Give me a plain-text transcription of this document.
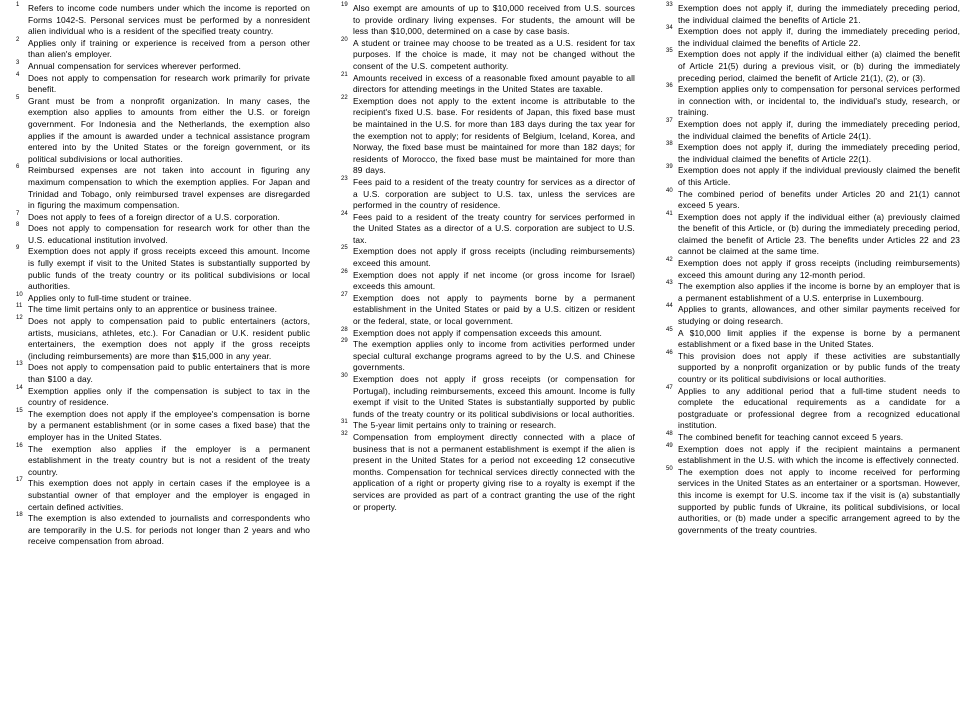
1 Refers to income code numbers under which the income is reported on Forms 1042-S. Personal services must be performed by a nonresident alien individual who is a resident of the specified treaty country.
2 Applies only if training or experience is received from a person other than alien's employer.
3 Annual compensation for services wherever performed.
4 Does not apply to compensation for research work primarily for private benefit.
5 Grant must be from a nonprofit organization. In many cases, the exemption also applies to amounts from either the U.S. or foreign government. For Indonesia and the Netherlands, the exemption also applies if the amount is awarded under a technical assistance program entered into by the United States or the foreign government, or its political subdivisions or local authorities.
6 Reimbursed expenses are not taken into account in figuring any maximum compensation to which the exemption applies. For Japan and Trinidad and Tobago, only reimbursed travel expenses are disregarded in figuring the maximum compensation.
7 Does not apply to fees of a foreign director of a U.S. corporation.
8 Does not apply to compensation for research work for other than the U.S. educational institution involved.
9 Exemption does not apply if gross receipts exceed this amount. Income is fully exempt if visit to the United States is substantially supported by public funds of the treaty country or its political subdivisions or local authorities.
10 Applies only to full-time student or trainee.
11 The time limit pertains only to an apprentice or business trainee.
12 Does not apply to compensation paid to public entertainers (actors, artists, musicians, athletes, etc.). For Canadian or U.K. resident public entertainers, the exemption does not apply if the gross receipts (including reimbursements) are more than $15,000 in any year.
13 Does not apply to compensation paid to public entertainers that is more than $100 a day.
14 Exemption applies only if the compensation is subject to tax in the country of residence.
15 The exemption does not apply if the employee's compensation is borne by a permanent establishment (or in some cases a fixed base) that the employer has in the United States.
16 The exemption also applies if the employer is a permanent establishment in the treaty country but is not a resident of the treaty country.
17 This exemption does not apply in certain cases if the employee is a substantial owner of that employer and the employer is engaged in certain defined activities.
18 The exemption is also extended to journalists and correspondents who are temporarily in the U.S. for periods not longer than 2 years and who receive compensation from abroad.
19 Also exempt are amounts of up to $10,000 received from U.S. sources to provide ordinary living expenses. For students, the amount will be less than $10,000, determined on a case by case basis.
20 A student or trainee may choose to be treated as a U.S. resident for tax purposes. If the choice is made, it may not be changed without the consent of the U.S. competent authority.
21 Amounts received in excess of a reasonable fixed amount payable to all directors for attending meetings in the United States are taxable.
22 Exemption does not apply to the extent income is attributable to the recipient's fixed U.S. base. For residents of Japan, this fixed base must be maintained in the U.S. for more than 183 days during the tax year for the exemption not to apply; for residents of Belgium, Iceland, Korea, and Norway, the fixed base must be maintained for more than 182 days; for residents of Morocco, the fixed base must be maintained for more than 89 days.
23 Fees paid to a resident of the treaty country for services as a director of a U.S. corporation are subject to U.S. tax, unless the services are performed in the country of residence.
24 Fees paid to a resident of the treaty country for services performed in the United States as a director of a U.S. corporation are subject to U.S. tax.
25 Exemption does not apply if gross receipts (including reimbursements) exceed this amount.
26 Exemption does not apply if net income (or gross income for Israel) exceeds this amount.
27 Exemption does not apply to payments borne by a permanent establishment in the United States or paid by a U.S. citizen or resident or the federal, state, or local government.
28 Exemption does not apply if compensation exceeds this amount.
29 The exemption applies only to income from activities performed under special cultural exchange programs agreed to by the U.S. and Chinese governments.
30 Exemption does not apply if gross receipts (or compensation for Portugal), including reimbursements, exceed this amount. Income is fully exempt if visit to the United States is substantially supported by public funds of the treaty country or its political subdivisions or local authorities.
31 The 5-year limit pertains only to training or research.
32 Compensation from employment directly connected with a place of business that is not a permanent establishment is exempt if the alien is present in the United States for a period not exceeding 12 consecutive months. Compensation for technical services directly connected with the application of a right or property giving rise to a royalty is exempt if the services are provided as part of a contract granting the use of the right or property.
33 Exemption does not apply if, during the immediately preceding period, the individual claimed the benefits of Article 21.
34 Exemption does not apply if, during the immediately preceding period, the individual claimed the benefits of Article 22.
35 Exemption does not apply if the individual either (a) claimed the benefit of Article 21(5) during a previous visit, or (b) during the immediately preceding period, claimed the benefit of Article 21(1), (2), or (3).
36 Exemption applies only to compensation for personal services performed in connection with, or incidental to, the individual's study, research, or training.
37 Exemption does not apply if, during the immediately preceding period, the individual claimed the benefits of Article 24(1).
38 Exemption does not apply if, during the immediately preceding period, the individual claimed the benefits of Article 22(1).
39 Exemption does not apply if the individual previously claimed the benefit of this Article.
40 The combined period of benefits under Articles 20 and 21(1) cannot exceed 5 years.
41 Exemption does not apply if the individual either (a) previously claimed the benefit of this Article, or (b) during the immediately preceding period, claimed the benefit of Article 23. The benefits under Articles 22 and 23 cannot be claimed at the same time.
42 Exemption does not apply if gross receipts (including reimbursements) exceed this amount during any 12-month period.
43 The exemption also applies if the income is borne by an employer that is a permanent establishment of a U.S. enterprise in Luxembourg.
44 Applies to grants, allowances, and other similar payments received for studying or doing research.
45 A $10,000 limit applies if the expense is borne by a permanent establishment or a fixed base in the United States.
46 This provision does not apply if these activities are substantially supported by a nonprofit organization or by public funds of the treaty country or its political subdivisions or local authorities.
47 Applies to any additional period that a full-time student needs to complete the educational requirements as a candidate for a postgraduate or professional degree from a recognized educational institution.
48 The combined benefit for teaching cannot exceed 5 years.
49 Exemption does not apply if the recipient maintains a permanent establishment in the U.S. with which the income is effectively connected.
50 The exemption does not apply to income received for performing services in the United States as an entertainer or a sportsman. However, this income is exempt for U.S. income tax if the visit is (a) substantially supported by public funds of Ukraine, its political subdivisions, or local authorities, or (b) made under a specific arrangement agreed to by the governments of the treaty countries.
